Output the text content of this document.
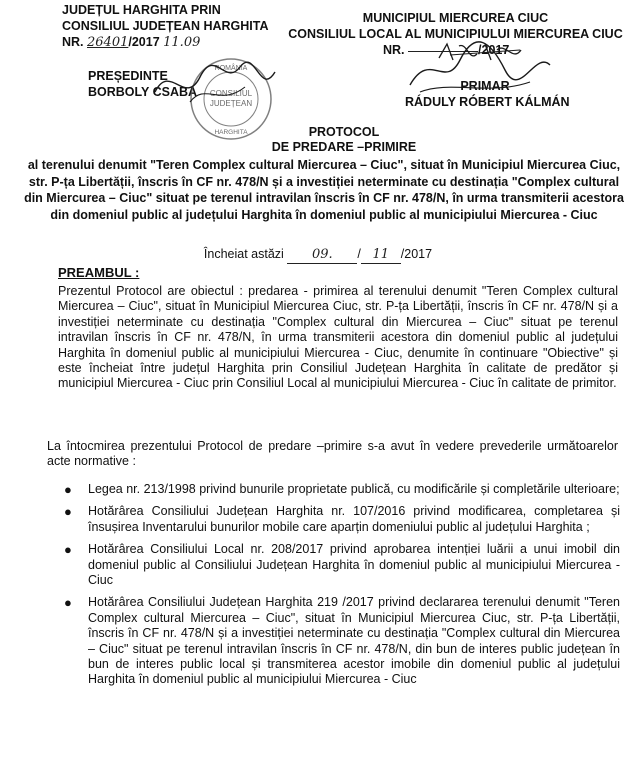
JUDEȚUL HARGHITA PRIN
CONSILIUL JUDEȚEAN HARGHITA
NR. 26401/2017 11.09
MUNICIPIUL MIERCUREA CIUC
CONSILIUL LOCAL AL MUNICIPIULUI MIERCUREA CIUC
NR.	/2017
PREȘEDINTE
BORBOLY CSABA	PRIMAR
RÁDULY RÓBERT KÁLMÁN
CONSILIUL
JUDEȚEAN
ROMÂNIA
HARGHITA	PROTOCOL
DE PREDARE –PRIMIRE
al terenului denumit "Teren Complex cultural Miercurea – Ciuc", situat în Municipiul Miercurea Ciuc, str. P-ța Libertății, înscris în CF nr. 478/N și a investiției neterminate cu destinația "Complex cultural din Miercurea – Ciuc" situat pe terenul intravilan înscris în CF nr. 478/N, în urma transmiterii acestora din domeniul public al județului Harghita în domeniul public al municipiului Miercurea - Ciuc
Încheiat astăzi 09. / 11 /2017
PREAMBUL :
Prezentul Protocol are obiectul : predarea - primirea al terenului denumit "Teren Complex cultural Miercurea – Ciuc", situat în Municipiul Miercurea Ciuc, str. P-ța Libertății, înscris în CF nr. 478/N și a investiției neterminate cu destinația "Complex cultural din Miercurea – Ciuc" situat pe terenul intravilan înscris în CF nr. 478/N, în urma transmiterii acestora din domeniul public al județului Harghita în domeniul public al municipiului Miercurea - Ciuc, denumite în continuare "Obiective" și este încheiat între județul Harghita prin Consiliul Județean Harghita în calitate de predător și municipiul Miercurea - Ciuc prin Consiliul Local al municipiului Miercurea - Ciuc în calitate de primitor.
La întocmirea prezentului Protocol de predare –primire s-a avut în vedere prevederile următoarelor acte normative :
● Legea nr. 213/1998 privind bunurile proprietate publică, cu modificările și completările ulterioare;
● Hotărârea Consiliului Județean Harghita nr. 107/2016 privind modificarea, completarea și însușirea Inventarului bunurilor mobile care aparțin domeniului public al județului Harghita ;
● Hotărârea Consiliului Local nr. 208/2017 privind aprobarea intenției luării a unui imobil din domeniul public al Consiliului Județean Harghita în domeniul public al municipiului Miercurea - Ciuc
● Hotărârea Consiliului Județean Harghita 219 /2017 privind declararea terenului denumit "Teren Complex cultural Miercurea – Ciuc", situat în Municipiul Miercurea Ciuc, str. P-ța Libertății, înscris în CF nr. 478/N și a investiției neterminate cu destinația "Complex cultural din Miercurea – Ciuc" situat pe terenul intravilan înscris în CF nr. 478/N, din bun de interes public județean în bun de interes public local și transmiterea acestor imobile din domeniul public al județului Harghita în domeniul public al municipiului Miercurea - Ciuc
